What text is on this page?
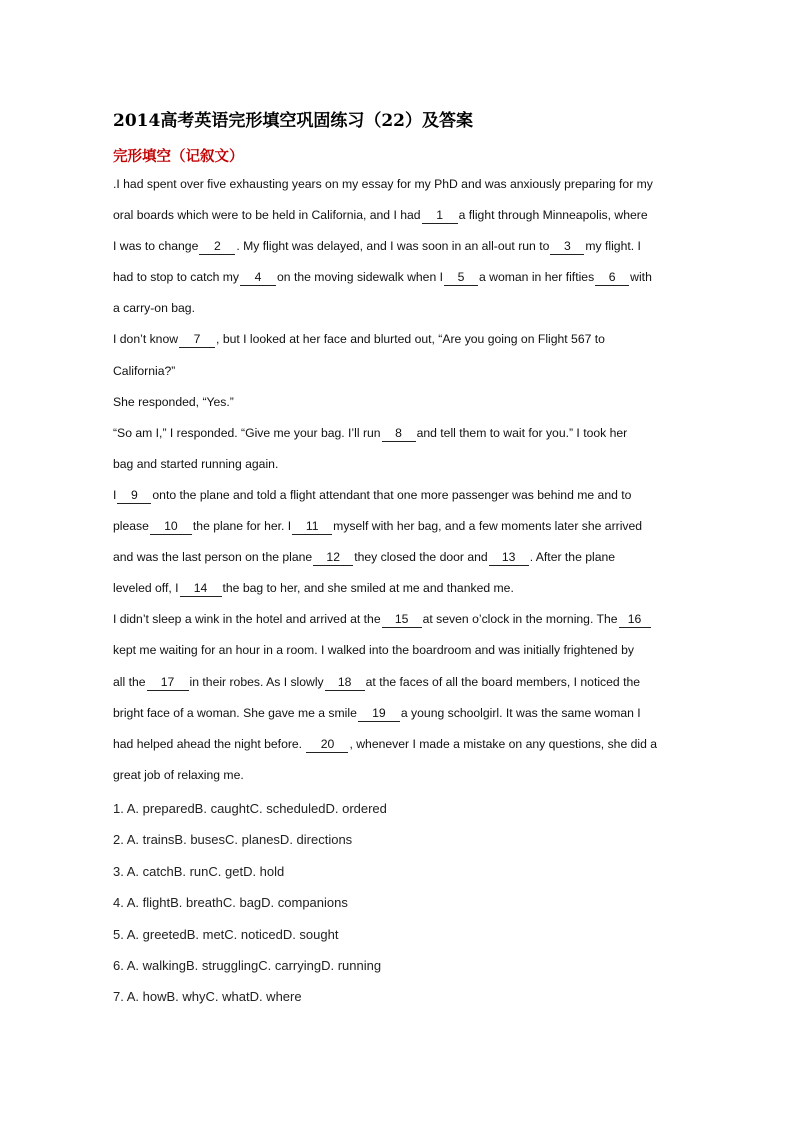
2014高考英语完形填空巩固练习（22）及答案
完形填空（记叙文）
.I had spent over five exhausting years on my essay for my PhD and was anxiously preparing for my
oral boards which were to be held in California, and I had 1 a flight through Minneapolis, where
I was to change 2 . My flight was delayed, and I was soon in an all-out run to 3 my flight. I
had to stop to catch my 4 on the moving sidewalk when I 5 a woman in her fifties 6 with
a carry-on bag.
I don’t know 7 , but I looked at her face and blurted out, “Are you going on Flight 567 to
California?”
She responded, “Yes.”
“So am I,” I responded. “Give me your bag. I’ll run 8 and tell them to wait for you.” I took her
bag and started running again.
I 9 onto the plane and told a flight attendant that one more passenger was behind me and to
please 10 the plane for her. I 11 myself with her bag, and a few moments later she arrived
and was the last person on the plane 12 they closed the door and 13 . After the plane
leveled off, I 14 the bag to her, and she smiled at me and thanked me.
I didn’t sleep a wink in the hotel and arrived at the 15 at seven o’clock in the morning. The 16
kept me waiting for an hour in a room. I walked into the boardroom and was initially frightened by
all the 17 in their robes. As I slowly 18 at the faces of all the board members, I noticed the
bright face of a woman. She gave me a smile 19 a young schoolgirl. It was the same woman I
had helped ahead the night before. 20 , whenever I made a mistake on any questions, she did a
great job of relaxing me.
1. A. preparedB. caughtC. scheduledD. ordered
2. A. trainsB. busesC. planesD. directions
3. A. catchB. runC. getD. hold
4. A. flightB. breathC. bagD. companions
5. A. greetedB. metC. noticedD. sought
6. A. walkingB. strugglingC. carryingD. running
7. A. howB. whyC. whatD. where
